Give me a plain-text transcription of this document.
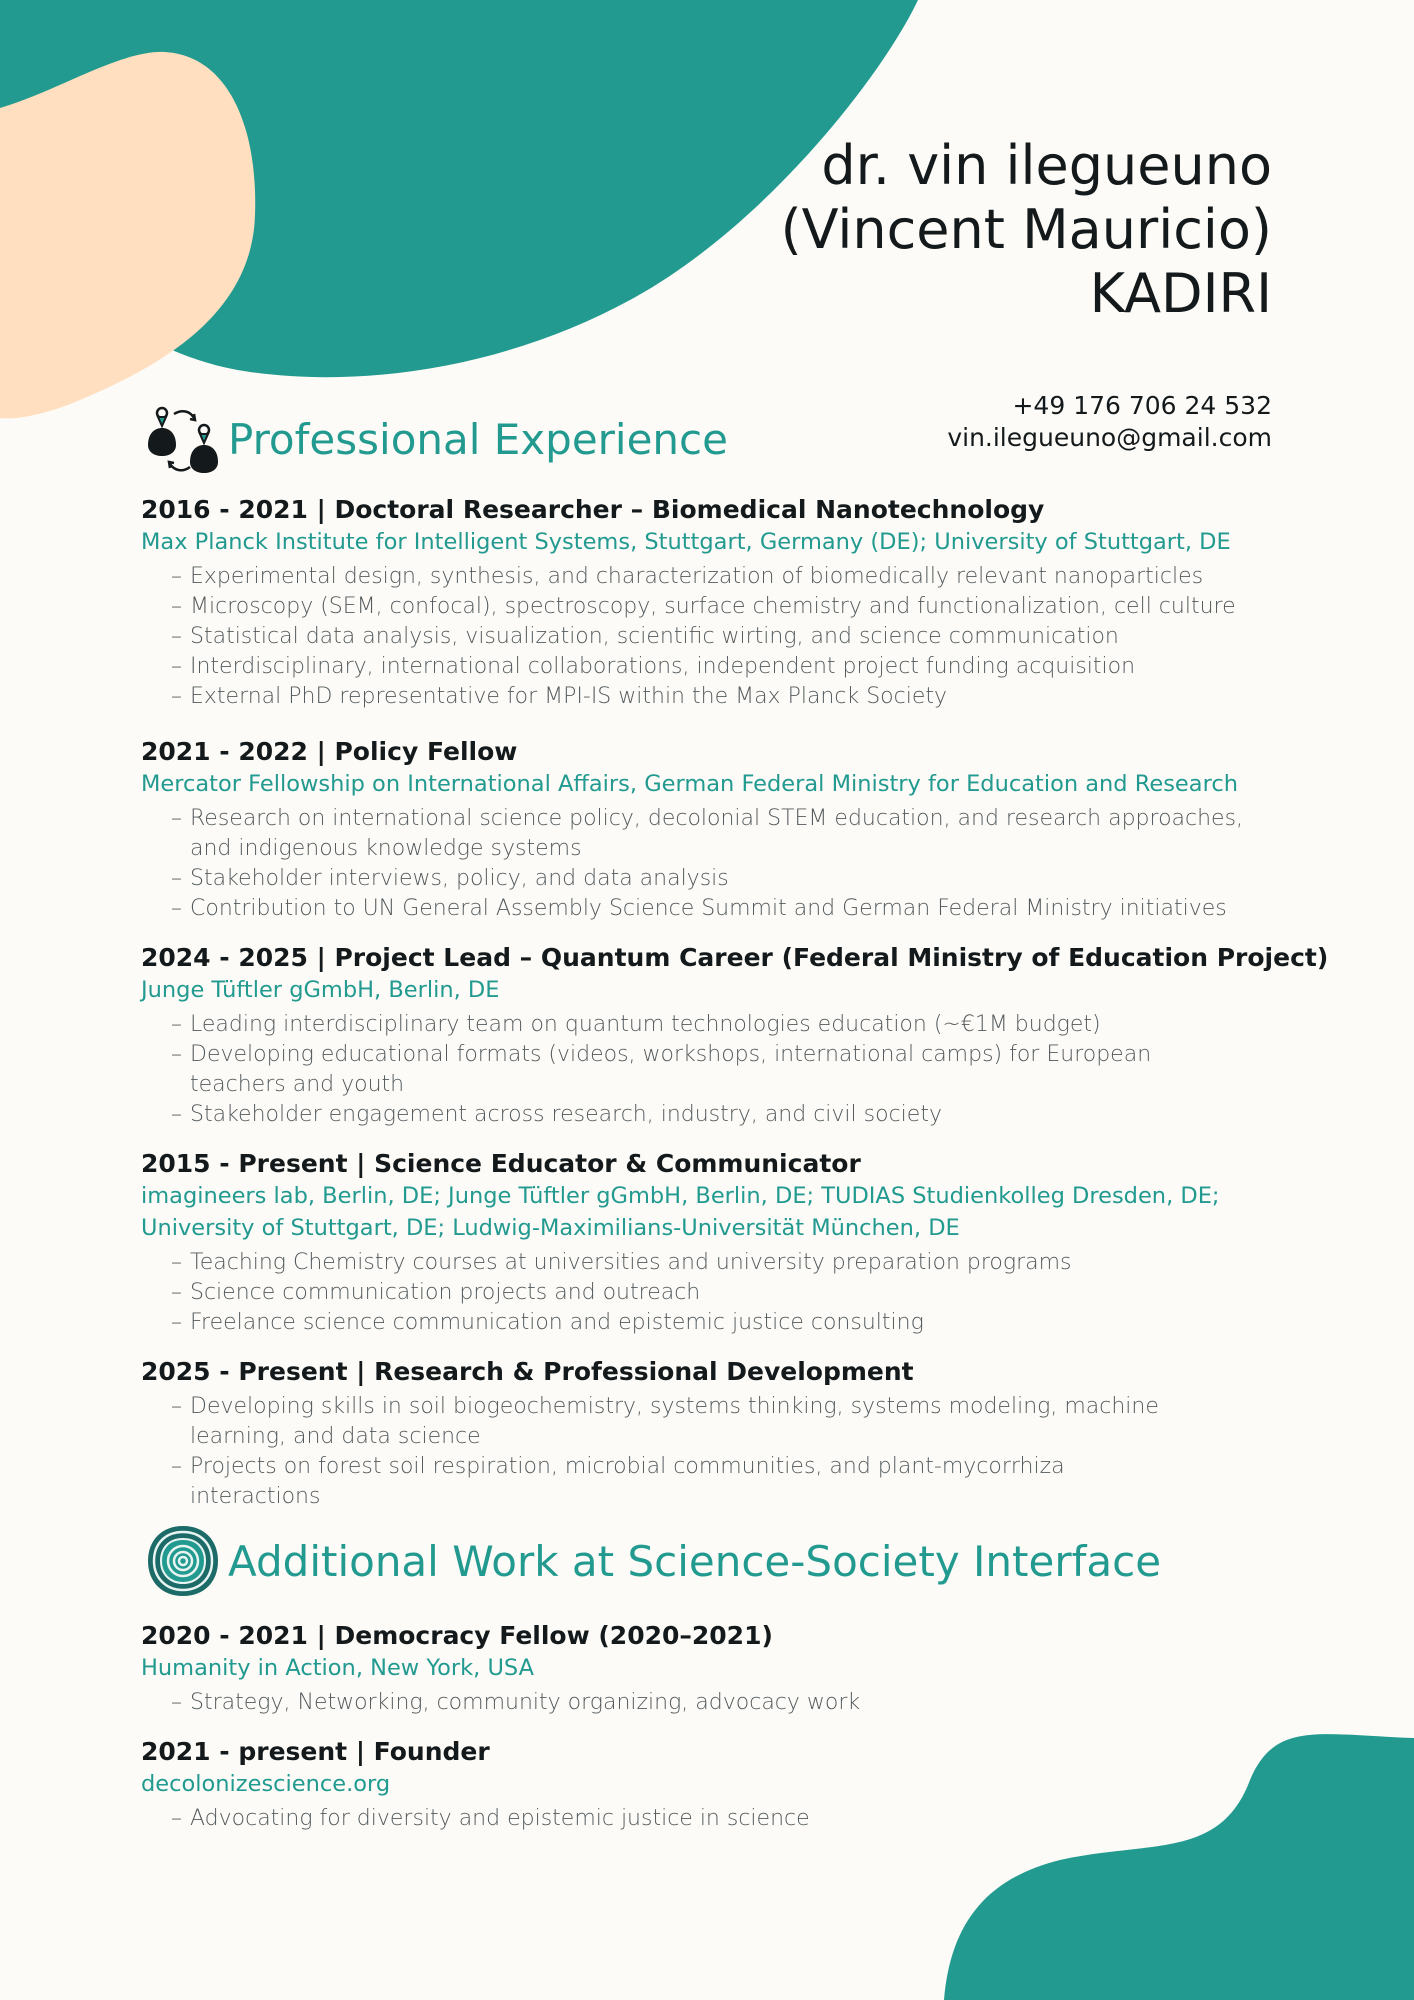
dr. vin ilegueuno
(Vincent Mauricio)
KADIRI
+49 176 706 24 532
vin.ilegueuno@gmail.com
Professional Experience
2016 - 2021 | Doctoral Researcher – Biomedical Nanotechnology
Max Planck Institute for Intelligent Systems, Stuttgart, Germany (DE); University of Stuttgart, DE
– Experimental design, synthesis, and characterization of biomedically relevant nanoparticles
– Microscopy (SEM, confocal), spectroscopy, surface chemistry and functionalization, cell culture
– Statistical data analysis, visualization, scientific wirting, and science communication
– Interdisciplinary, international collaborations, independent project funding acquisition
– External PhD representative for MPI-IS within the Max Planck Society
2021 - 2022 | Policy Fellow
Mercator Fellowship on International Affairs, German Federal Ministry for Education and Research
– Research on international science policy, decolonial STEM education, and research approaches, and indigenous knowledge systems
– Stakeholder interviews, policy, and data analysis
– Contribution to UN General Assembly Science Summit and German Federal Ministry initiatives
2024 - 2025 | Project Lead – Quantum Career (Federal Ministry of Education Project)
Junge Tüftler gGmbH, Berlin, DE
– Leading interdisciplinary team on quantum technologies education (~€1M budget)
– Developing educational formats (videos, workshops, international camps) for European teachers and youth
– Stakeholder engagement across research, industry, and civil society
2015 - Present | Science Educator & Communicator
imagineers lab, Berlin, DE; Junge Tüftler gGmbH, Berlin, DE; TUDIAS Studienkolleg Dresden, DE; University of Stuttgart, DE; Ludwig-Maximilians-Universität München, DE
– Teaching Chemistry courses at universities and university preparation programs
– Science communication projects and outreach
– Freelance science communication and epistemic justice consulting
2025 - Present | Research & Professional Development
– Developing skills in soil biogeochemistry, systems thinking, systems modeling, machine learning, and data science
– Projects on forest soil respiration, microbial communities, and plant-mycorrhiza interactions
Additional Work at Science-Society Interface
2020 - 2021 | Democracy Fellow (2020–2021)
Humanity in Action, New York, USA
– Strategy, Networking, community organizing, advocacy work
2021 - present | Founder
decolonizescience.org
– Advocating for diversity and epistemic justice in science
